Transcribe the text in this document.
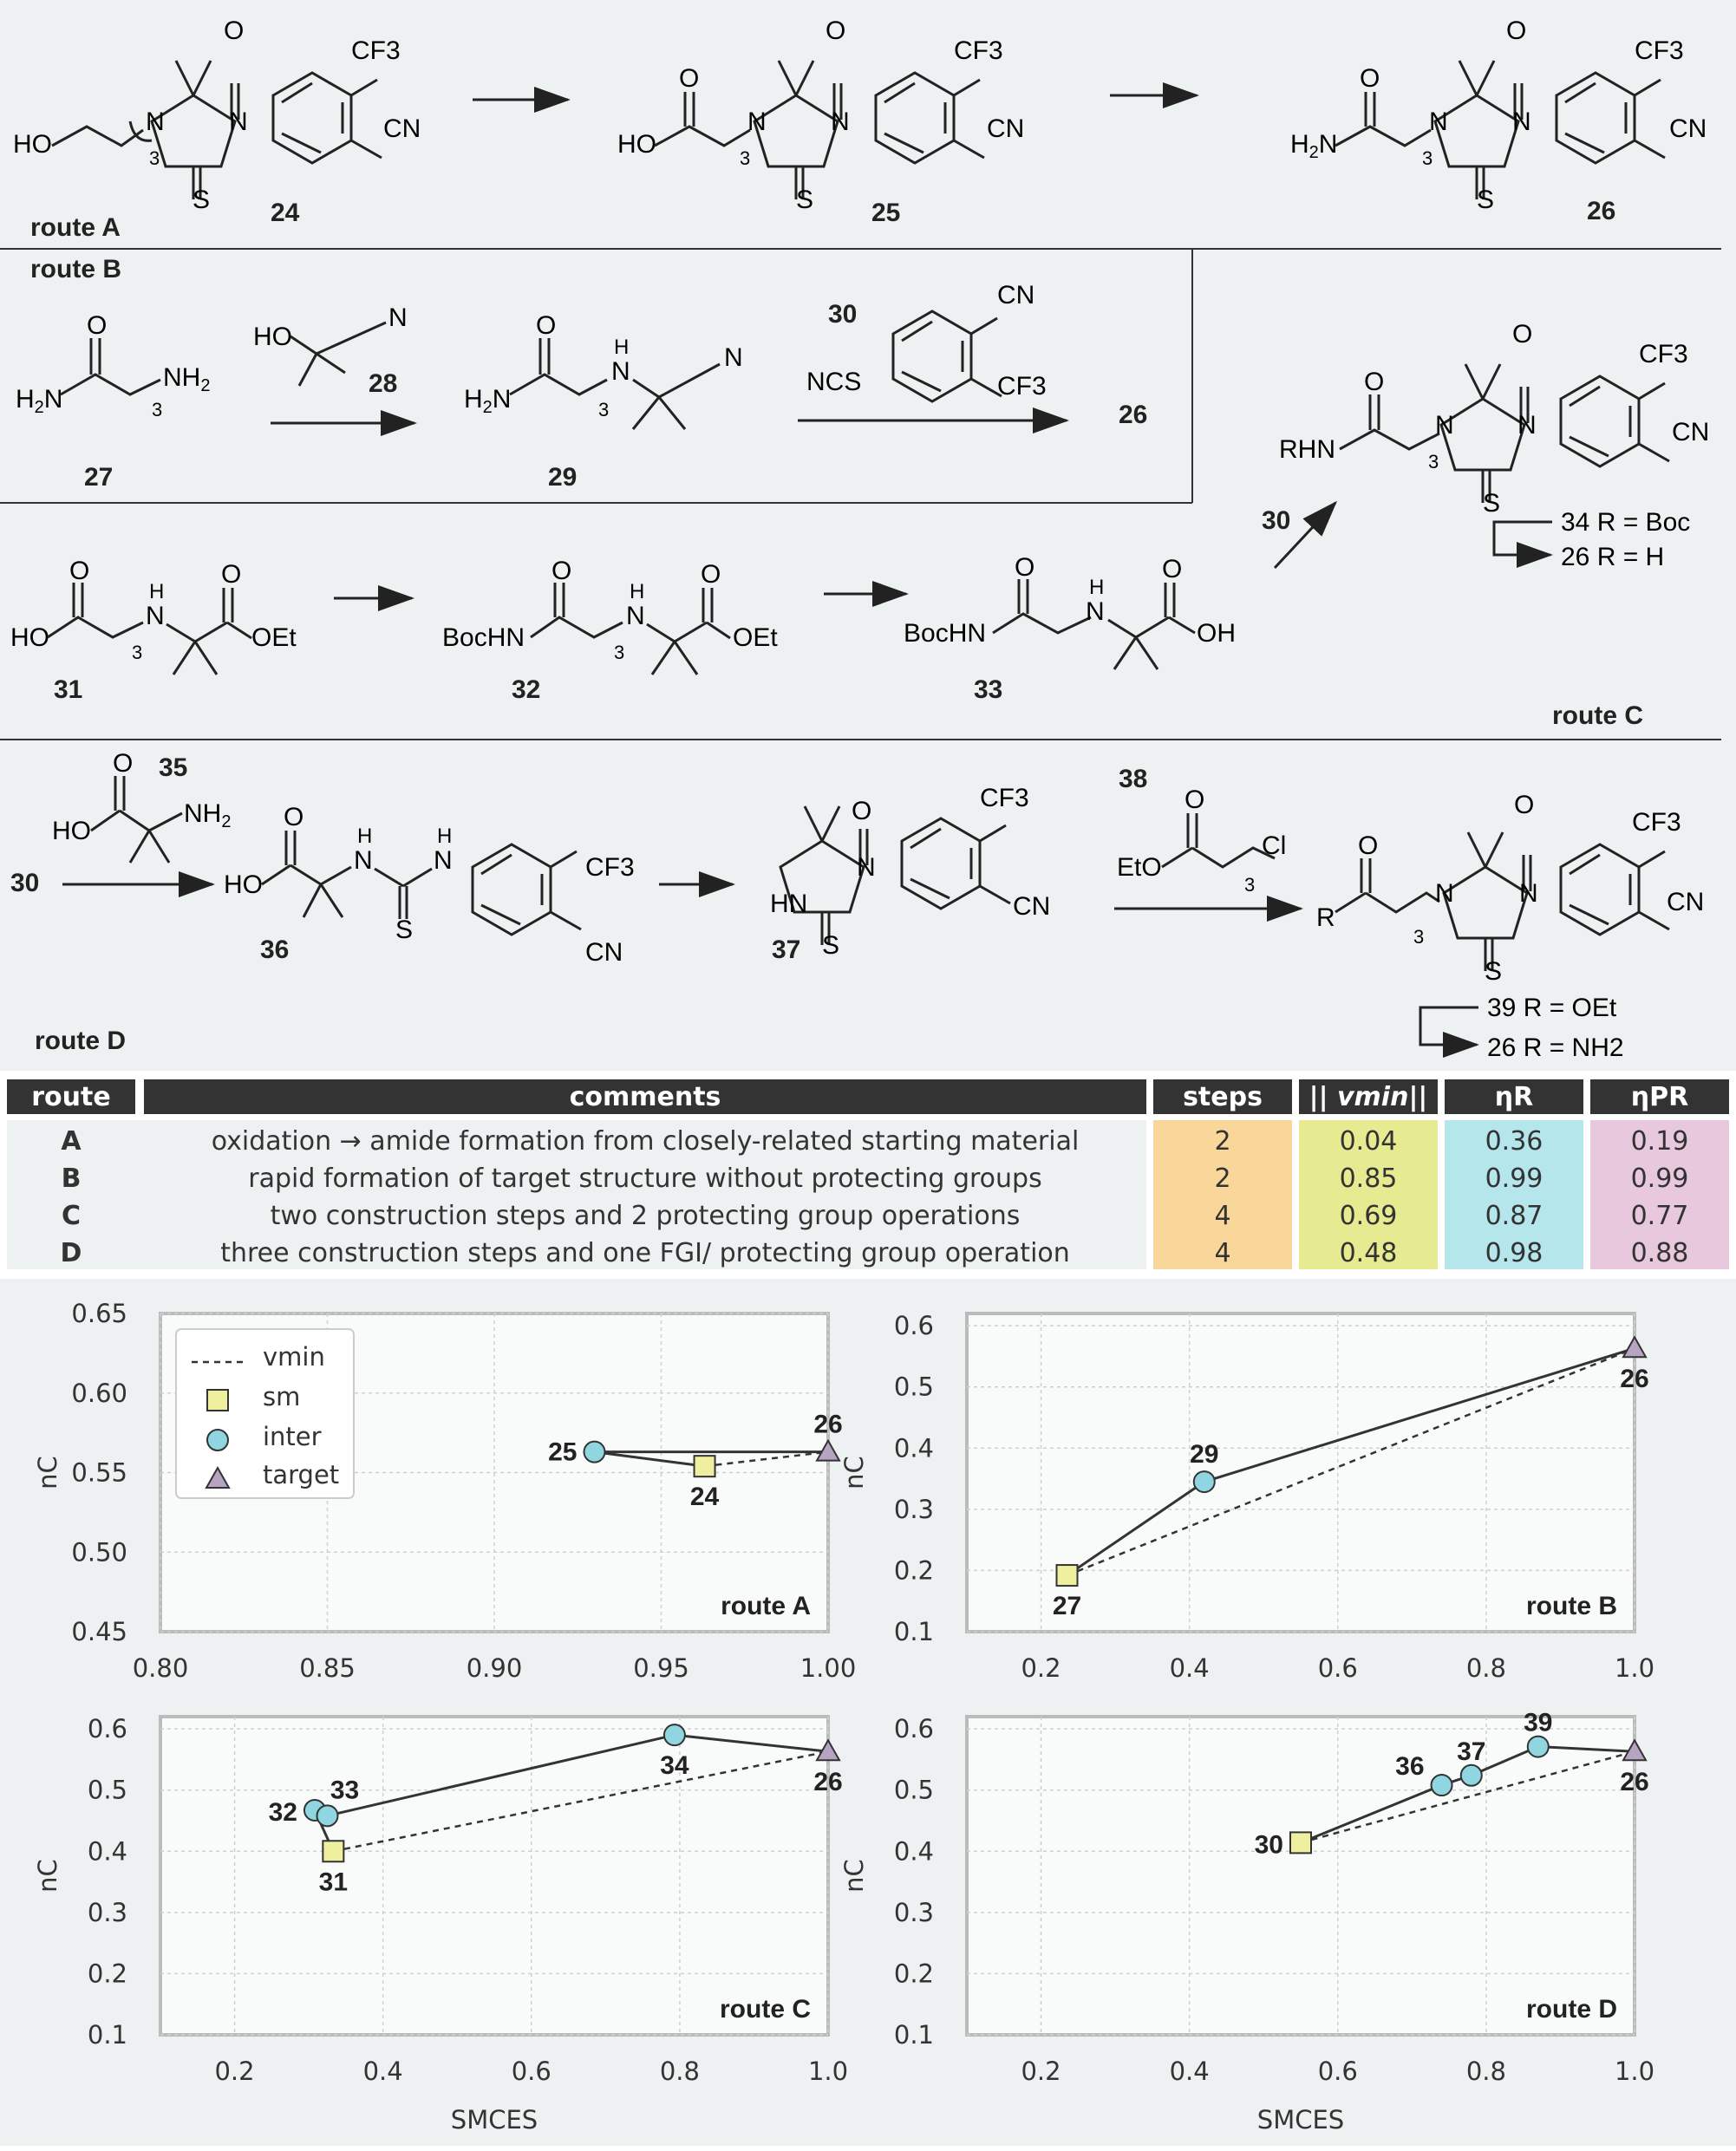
route A
route B
route C
route D
HO	3
N N
S
O
CF3
CN
24
HO
O
3
N N
S
O
CF3
CN
25
$H_2N$
O
3
N N
S
O
CF3
CN
26
$H_2N$
O
3
$NH_2$
27
HO
N
28
$H_2N$
O
3
N
H	N
29
30
NCS
CN
CF3
26
RHN
O
3
N N
S
O
CF3
CN
30	34 R = Boc
26 R = H
HO
O
3
N
H
O
OEt
31
BocHN
O
3
N
H
O
OEt
32
BocHN
O
N
H
O
OH
33
HO
O
$NH_2$
35
30	HO
O
N
H
S
N
H
CF3
CN
36
HN
N
S
O	CF3
CN
37
38
EtO
O
3
Cl
R
O
3
N	N
S
O
CF3
CN
39 R = OEt
26 R = NH2
route	comments	steps	|| vmin||	ηR	ηPR
A	oxidation → amide formation from closely-related starting material	2	0.04	0.36	0.19
B	rapid formation of target structure without protecting groups	2	0.85	0.99	0.99
C	two construction steps and 2 protecting group operations	4	0.69	0.87	0.77
D	three construction steps and one FGI/ protecting group operation	4	0.48	0.98	0.88
0.80	0.85	0.90	0.95	1.00
0.45
0.50
0.55
0.60
0.65
nC
route A
24
25
26
vmin
sm
inter
target
0.2	0.4	0.6	0.8	1.0
0.1
0.2
0.3
0.4
0.5
0.6
nC
route B
27
29
26
0.2	0.4	0.6	0.8	1.0
0.1
0.2
0.3
0.4
0.5
0.6
nC
SMCES
route C
31
32
33
34
26
0.2	0.4	0.6	0.8	1.0
0.1
0.2
0.3
0.4
0.5
0.6
nC
SMCES
route D
30
36
37
39
26
